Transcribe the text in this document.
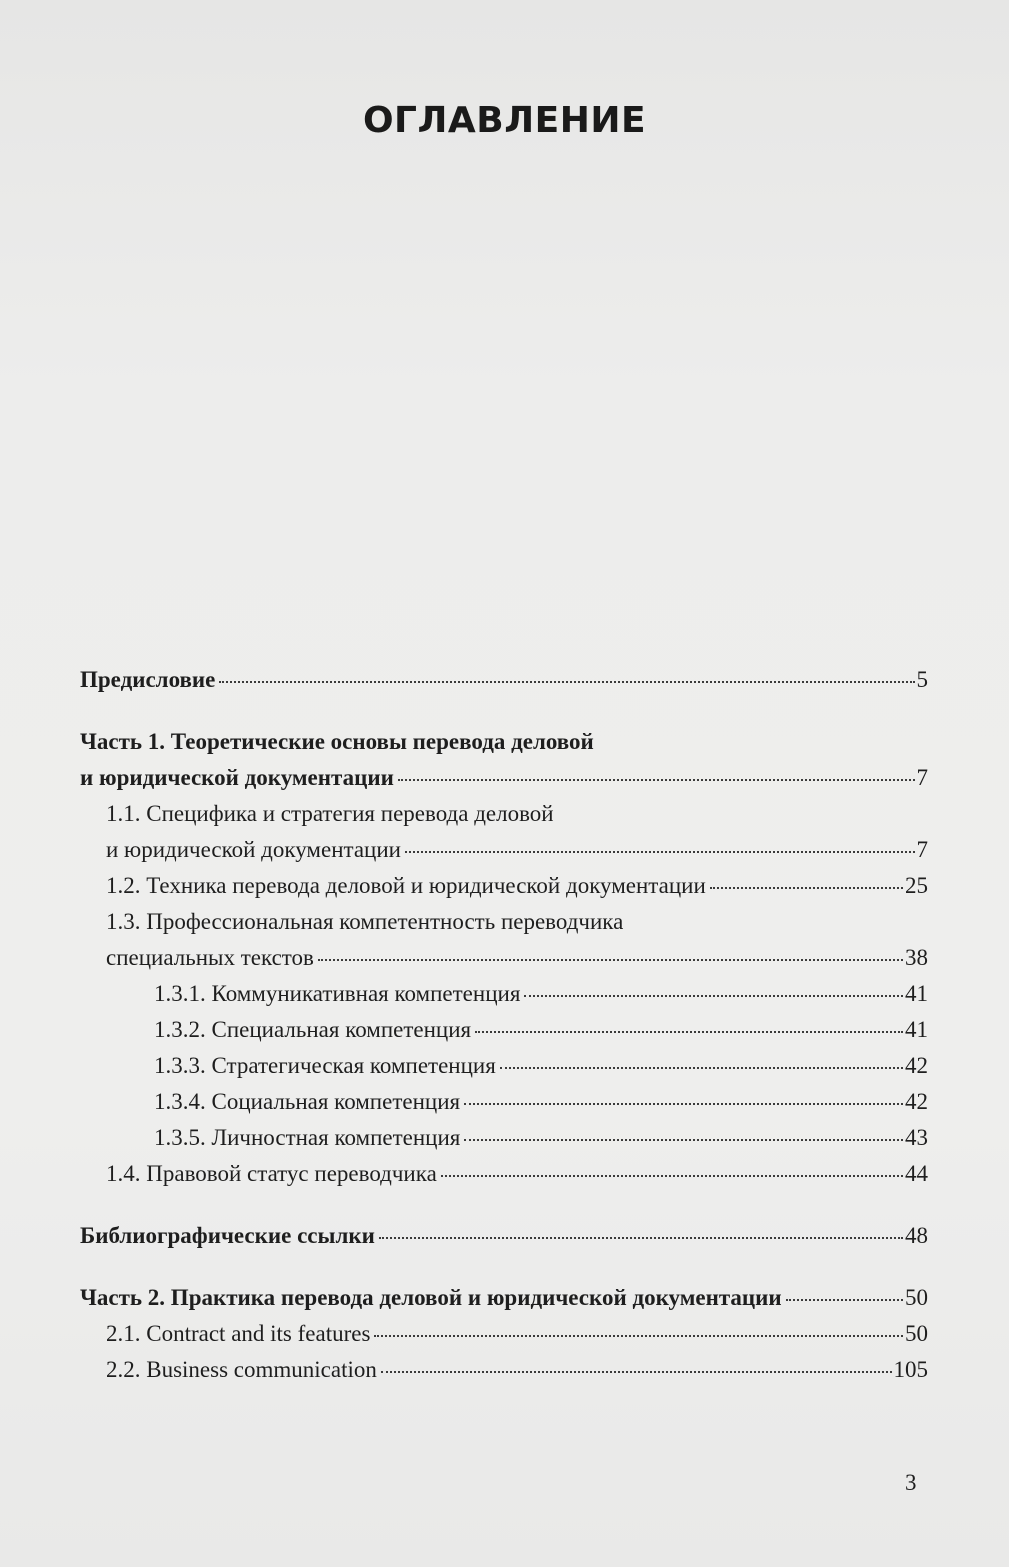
ОГЛАВЛЕНИЕ
Предисловие	5
Часть 1. Теоретические основы перевода деловой
и юридической документации	7
1.1. Специфика и стратегия перевода деловой
и юридической документации	7
1.2. Техника перевода деловой и юридической документации	25
1.3. Профессиональная компетентность переводчика
специальных текстов	38
1.3.1. Коммуникативная компетенция	41
1.3.2. Специальная компетенция	41
1.3.3. Стратегическая компетенция	42
1.3.4. Социальная компетенция	42
1.3.5. Личностная компетенция	43
1.4. Правовой статус переводчика	44
Библиографические ссылки	48
Часть 2. Практика перевода деловой и юридической документации	50
2.1. Contract and its features	50
2.2. Business communication	105
3
